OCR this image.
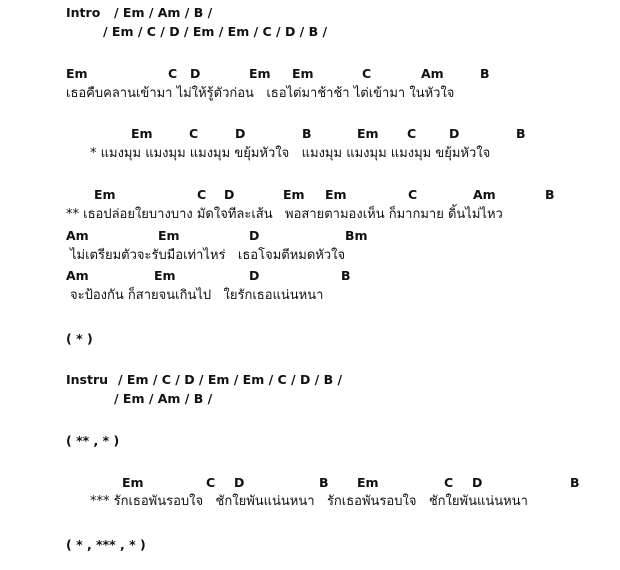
Intro / Em / Am / B /
/ Em / C / D / Em / Em / C / D / B /
Em	C D	Em Em	C	Am	B
เธอคืบคลานเข้ามา ไม่ให้รู้ตัวก่อน   เธอไต่มาช้าช้า ไต่เข้ามา ในหัวใจ
Em	C	D	B	Em C	D	B
* แมงมุม แมงมุม แมงมุม ขยุ้มหัวใจ   แมงมุม แมงมุม แมงมุม ขยุ้มหัวใจ
Em	C D	Em Em	C	Am	B
** เธอปล่อยใยบางบาง มัดใจทีละเส้น   พอสายตามองเห็น ก็มากมาย ดิ้นไม่ไหว
Am	Em	D	Bm
ไม่เตรียมตัวจะรับมือเท่าไหร่   เธอโจมตีหมดหัวใจ
Am	Em	D	B
จะป้องกัน ก็สายจนเกินไป   ใยรักเธอแน่นหนา
( * )
Instru / Em / C / D / Em / Em / C / D / B /
/ Em / Am / B /
( ** , * )
Em	C D	B Em	C D	B
*** รักเธอพันรอบใจ   ชักใยพันแน่นหนา   รักเธอพันรอบใจ   ชักใยพันแน่นหนา
( * , *** , * )
